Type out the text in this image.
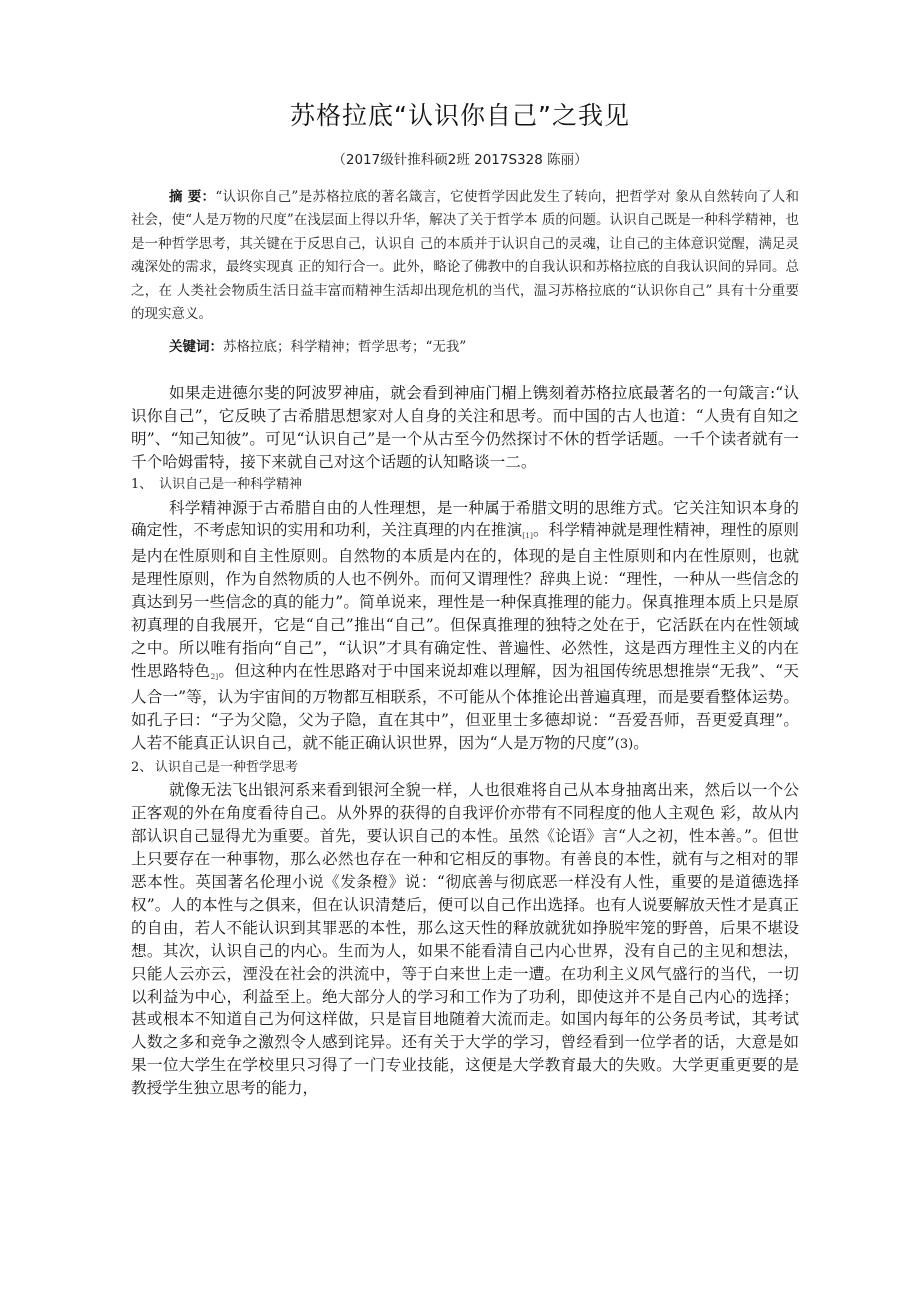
苏格拉底“认识你自己”之我见
（2017级针推科硕2班 2017S328 陈丽）
摘 要：“认识你自己”是苏格拉底的著名箴言，它使哲学因此发生了转向，把哲学对 象从自然转向了人和社会，使“人是万物的尺度”在浅层面上得以升华，解决了关于哲学本 质的问题。认识自己既是一种科学精神，也是一种哲学思考，其关键在于反思自己，认识自 己的本质并于认识自己的灵魂，让自己的主体意识觉醒，满足灵魂深处的需求，最终实现真 正的知行合一。此外，略论了佛教中的自我认识和苏格拉底的自我认识间的异同。总之，在 人类社会物质生活日益丰富而精神生活却出现危机的当代，温习苏格拉底的“认识你自己” 具有十分重要的现实意义。
关键词：苏格拉底；科学精神；哲学思考；“无我”

如果走进德尔斐的阿波罗神庙，就会看到神庙门楣上镌刻着苏格拉底最著名的一句箴言:“认识你自己”，它反映了古希腊思想家对人自身的关注和思考。而中国的古人也道：“人贵有自知之明”、“知己知彼”。可见“认识自己”是一个从古至今仍然探讨不休的哲学话题。一千个读者就有一千个哈姆雷特，接下来就自己对这个话题的认知略谈一二。

1、 认识自己是一种科学精神

科学精神源于古希腊自由的人性理想，是一种属于希腊文明的思维方式。它关注知识本身的确定性，不考虑知识的实用和功利，关注真理的内在推演[1]。科学精神就是理性精神，理性的原则是内在性原则和自主性原则。自然物的本质是内在的，体现的是自主性原则和内在性原则，也就是理性原则，作为自然物质的人也不例外。而何又谓理性？辞典上说：“理性，一种从一些信念的真达到另一些信念的真的能力”。简单说来，理性是一种保真推理的能力。保真推理本质上只是原初真理的自我展开，它是“自己”推出“自己”。但保真推理的独特之处在于，它活跃在内在性领域之中。所以唯有指向“自己”，“认识”才具有确定性、普遍性、必然性，这是西方理性主义的内在性思路特色2]。但这种内在性思路对于中国来说却难以理解，因为祖国传统思想推崇“无我”、“天人合一”等，认为宇宙间的万物都互相联系，不可能从个体推论出普遍真理，而是要看整体运势。如孔子曰：“子为父隐，父为子隐，直在其中”，但亚里士多德却说：“吾爱吾师，吾更爱真理”。人若不能真正认识自己，就不能正确认识世界，因为“人是万物的尺度”(3)。

2、 认识自己是一种哲学思考

就像无法飞出银河系来看到银河全貌一样，人也很难将自己从本身抽离出来，然后以一个公正客观的外在角度看待自己。从外界的获得的自我评价亦带有不同程度的他人主观色 彩，故从内部认识自己显得尤为重要。首先，要认识自己的本性。虽然《论语》言“人之初，性本善。”。但世上只要存在一种事物，那么必然也存在一种和它相反的事物。有善良的本性，就有与之相对的罪恶本性。英国著名伦理小说《发条橙》说：“彻底善与彻底恶一样没有人性，重要的是道德选择权”。人的本性与之俱来，但在认识清楚后，便可以自己作出选择。也有人说要解放天性才是真正的自由，若人不能认识到其罪恶的本性，那么这天性的释放就犹如挣脱牢笼的野兽，后果不堪设想。其次，认识自己的内心。生而为人，如果不能看清自己内心世界，没有自己的主见和想法，只能人云亦云，湮没在社会的洪流中，等于白来世上走一遭。在功利主义风气盛行的当代，一切以利益为中心，利益至上。绝大部分人的学习和工作为了功利，即使这并不是自己内心的选择；甚或根本不知道自己为何这样做，只是盲目地随着大流而走。如国内每年的公务员考试，其考试人数之多和竞争之激烈令人感到诧异。还有关于大学的学习，曾经看到一位学者的话，大意是如果一位大学生在学校里只习得了一门专业技能，这便是大学教育最大的失败。大学更重更要的是教授学生独立思考的能力，
